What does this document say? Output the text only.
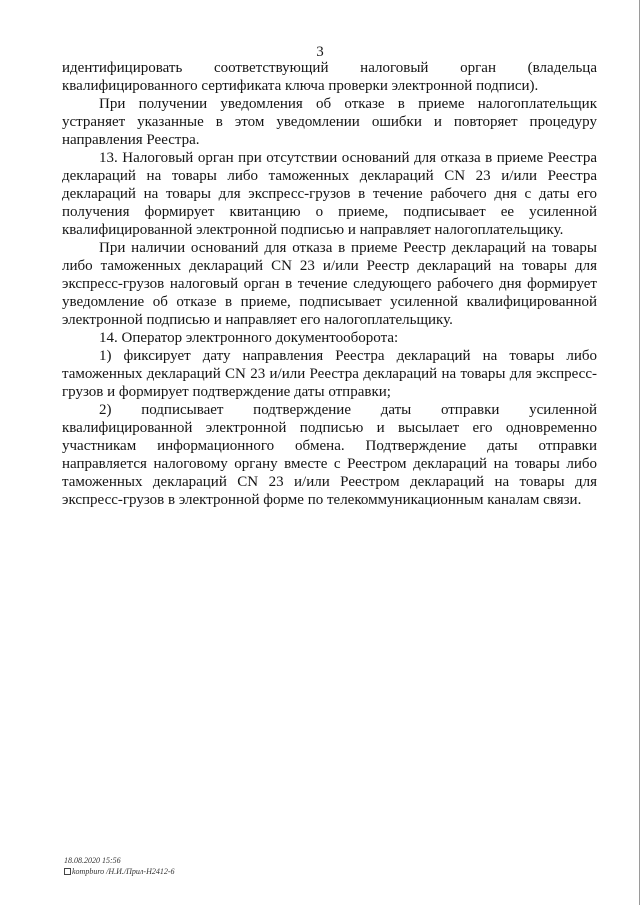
3

идентифицировать соответствующий налоговый орган (владельца квалифицированного сертификата ключа проверки электронной подписи).

При получении уведомления об отказе в приеме налогоплательщик устраняет указанные в этом уведомлении ошибки и повторяет процедуру направления Реестра.

13. Налоговый орган при отсутствии оснований для отказа в приеме Реестра деклараций на товары либо таможенных деклараций CN 23 и/или Реестра деклараций на товары для экспресс-грузов в течение рабочего дня с даты его получения формирует квитанцию о приеме, подписывает ее усиленной квалифицированной электронной подписью и направляет налогоплательщику.

При наличии оснований для отказа в приеме Реестр деклараций на товары либо таможенных деклараций CN 23 и/или Реестр деклараций на товары для экспресс-грузов налоговый орган в течение следующего рабочего дня формирует уведомление об отказе в приеме, подписывает усиленной квалифицированной электронной подписью и направляет его налогоплательщику.

14. Оператор электронного документооборота:

1) фиксирует дату направления Реестра деклараций на товары либо таможенных деклараций CN 23 и/или Реестра деклараций на товары для экспресс-грузов и формирует подтверждение даты отправки;

2) подписывает подтверждение даты отправки усиленной квалифицированной электронной подписью и высылает его одновременно участникам информационного обмена. Подтверждение даты отправки направляется налоговому органу вместе с Реестром деклараций на товары либо таможенных деклараций CN 23 и/или Реестром деклараций на товары для экспресс-грузов в электронной форме по телекоммуникационным каналам связи.

18.08.2020 15:56
kompburo /Н.И./Прил-Н2412-6
